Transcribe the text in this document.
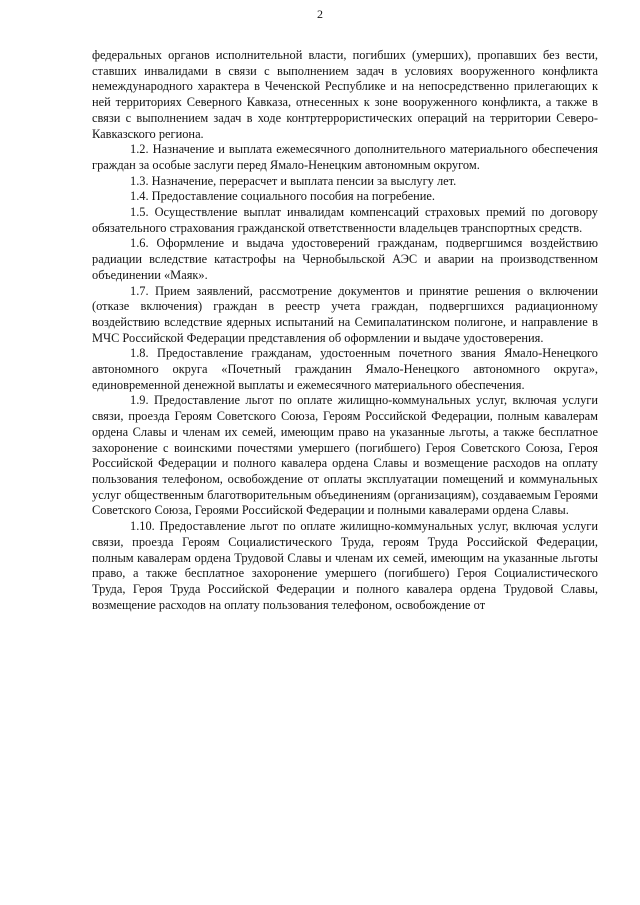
2

федеральных органов исполнительной власти, погибших (умерших), пропавших без вести, ставших инвалидами в связи с выполнением задач в условиях вооруженного конфликта немеждународного характера в Чеченской Республике и на непосредственно прилегающих к ней территориях Северного Кавказа, отнесенных к зоне вооруженного конфликта, а также в связи с выполнением задач в ходе контртеррористических операций на территории Северо-Кавказского региона.

1.2. Назначение и выплата ежемесячного дополнительного материального обеспечения граждан за особые заслуги перед Ямало-Ненецким автономным округом.

1.3. Назначение, перерасчет и выплата пенсии за выслугу лет.

1.4. Предоставление социального пособия на погребение.

1.5. Осуществление выплат инвалидам компенсаций страховых премий по договору обязательного страхования гражданской ответственности владельцев транспортных средств.

1.6. Оформление и выдача удостоверений гражданам, подвергшимся воздействию радиации вследствие катастрофы на Чернобыльской АЭС и аварии на производственном объединении «Маяк».

1.7. Прием заявлений, рассмотрение документов и принятие решения о включении (отказе включения) граждан в реестр учета граждан, подвергшихся радиационному воздействию вследствие ядерных испытаний на Семипалатинском полигоне, и направление в МЧС Российской Федерации представления об оформлении и выдаче удостоверения.

1.8. Предоставление гражданам, удостоенным почетного звания Ямало-Ненецкого автономного округа «Почетный гражданин Ямало-Ненецкого автономного округа», единовременной денежной выплаты и ежемесячного материального обеспечения.

1.9. Предоставление льгот по оплате жилищно-коммунальных услуг, включая услуги связи, проезда Героям Советского Союза, Героям Российской Федерации, полным кавалерам ордена Славы и членам их семей, имеющим право на указанные льготы, а также бесплатное захоронение с воинскими почестями умершего (погибшего) Героя Советского Союза, Героя Российской Федерации и полного кавалера ордена Славы и возмещение расходов на оплату пользования телефоном, освобождение от оплаты эксплуатации помещений и коммунальных услуг общественным благотворительным объединениям (организациям), создаваемым Героями Советского Союза, Героями Российской Федерации и полными кавалерами ордена Славы.

1.10. Предоставление льгот по оплате жилищно-коммунальных услуг, включая услуги связи, проезда Героям Социалистического Труда, героям Труда Российской Федерации, полным кавалерам ордена Трудовой Славы и членам их семей, имеющим на указанные льготы право, а также бесплатное захоронение умершего (погибшего) Героя Социалистического Труда, Героя Труда Российской Федерации и полного кавалера ордена Трудовой Славы, возмещение расходов на оплату пользования телефоном, освобождение от
